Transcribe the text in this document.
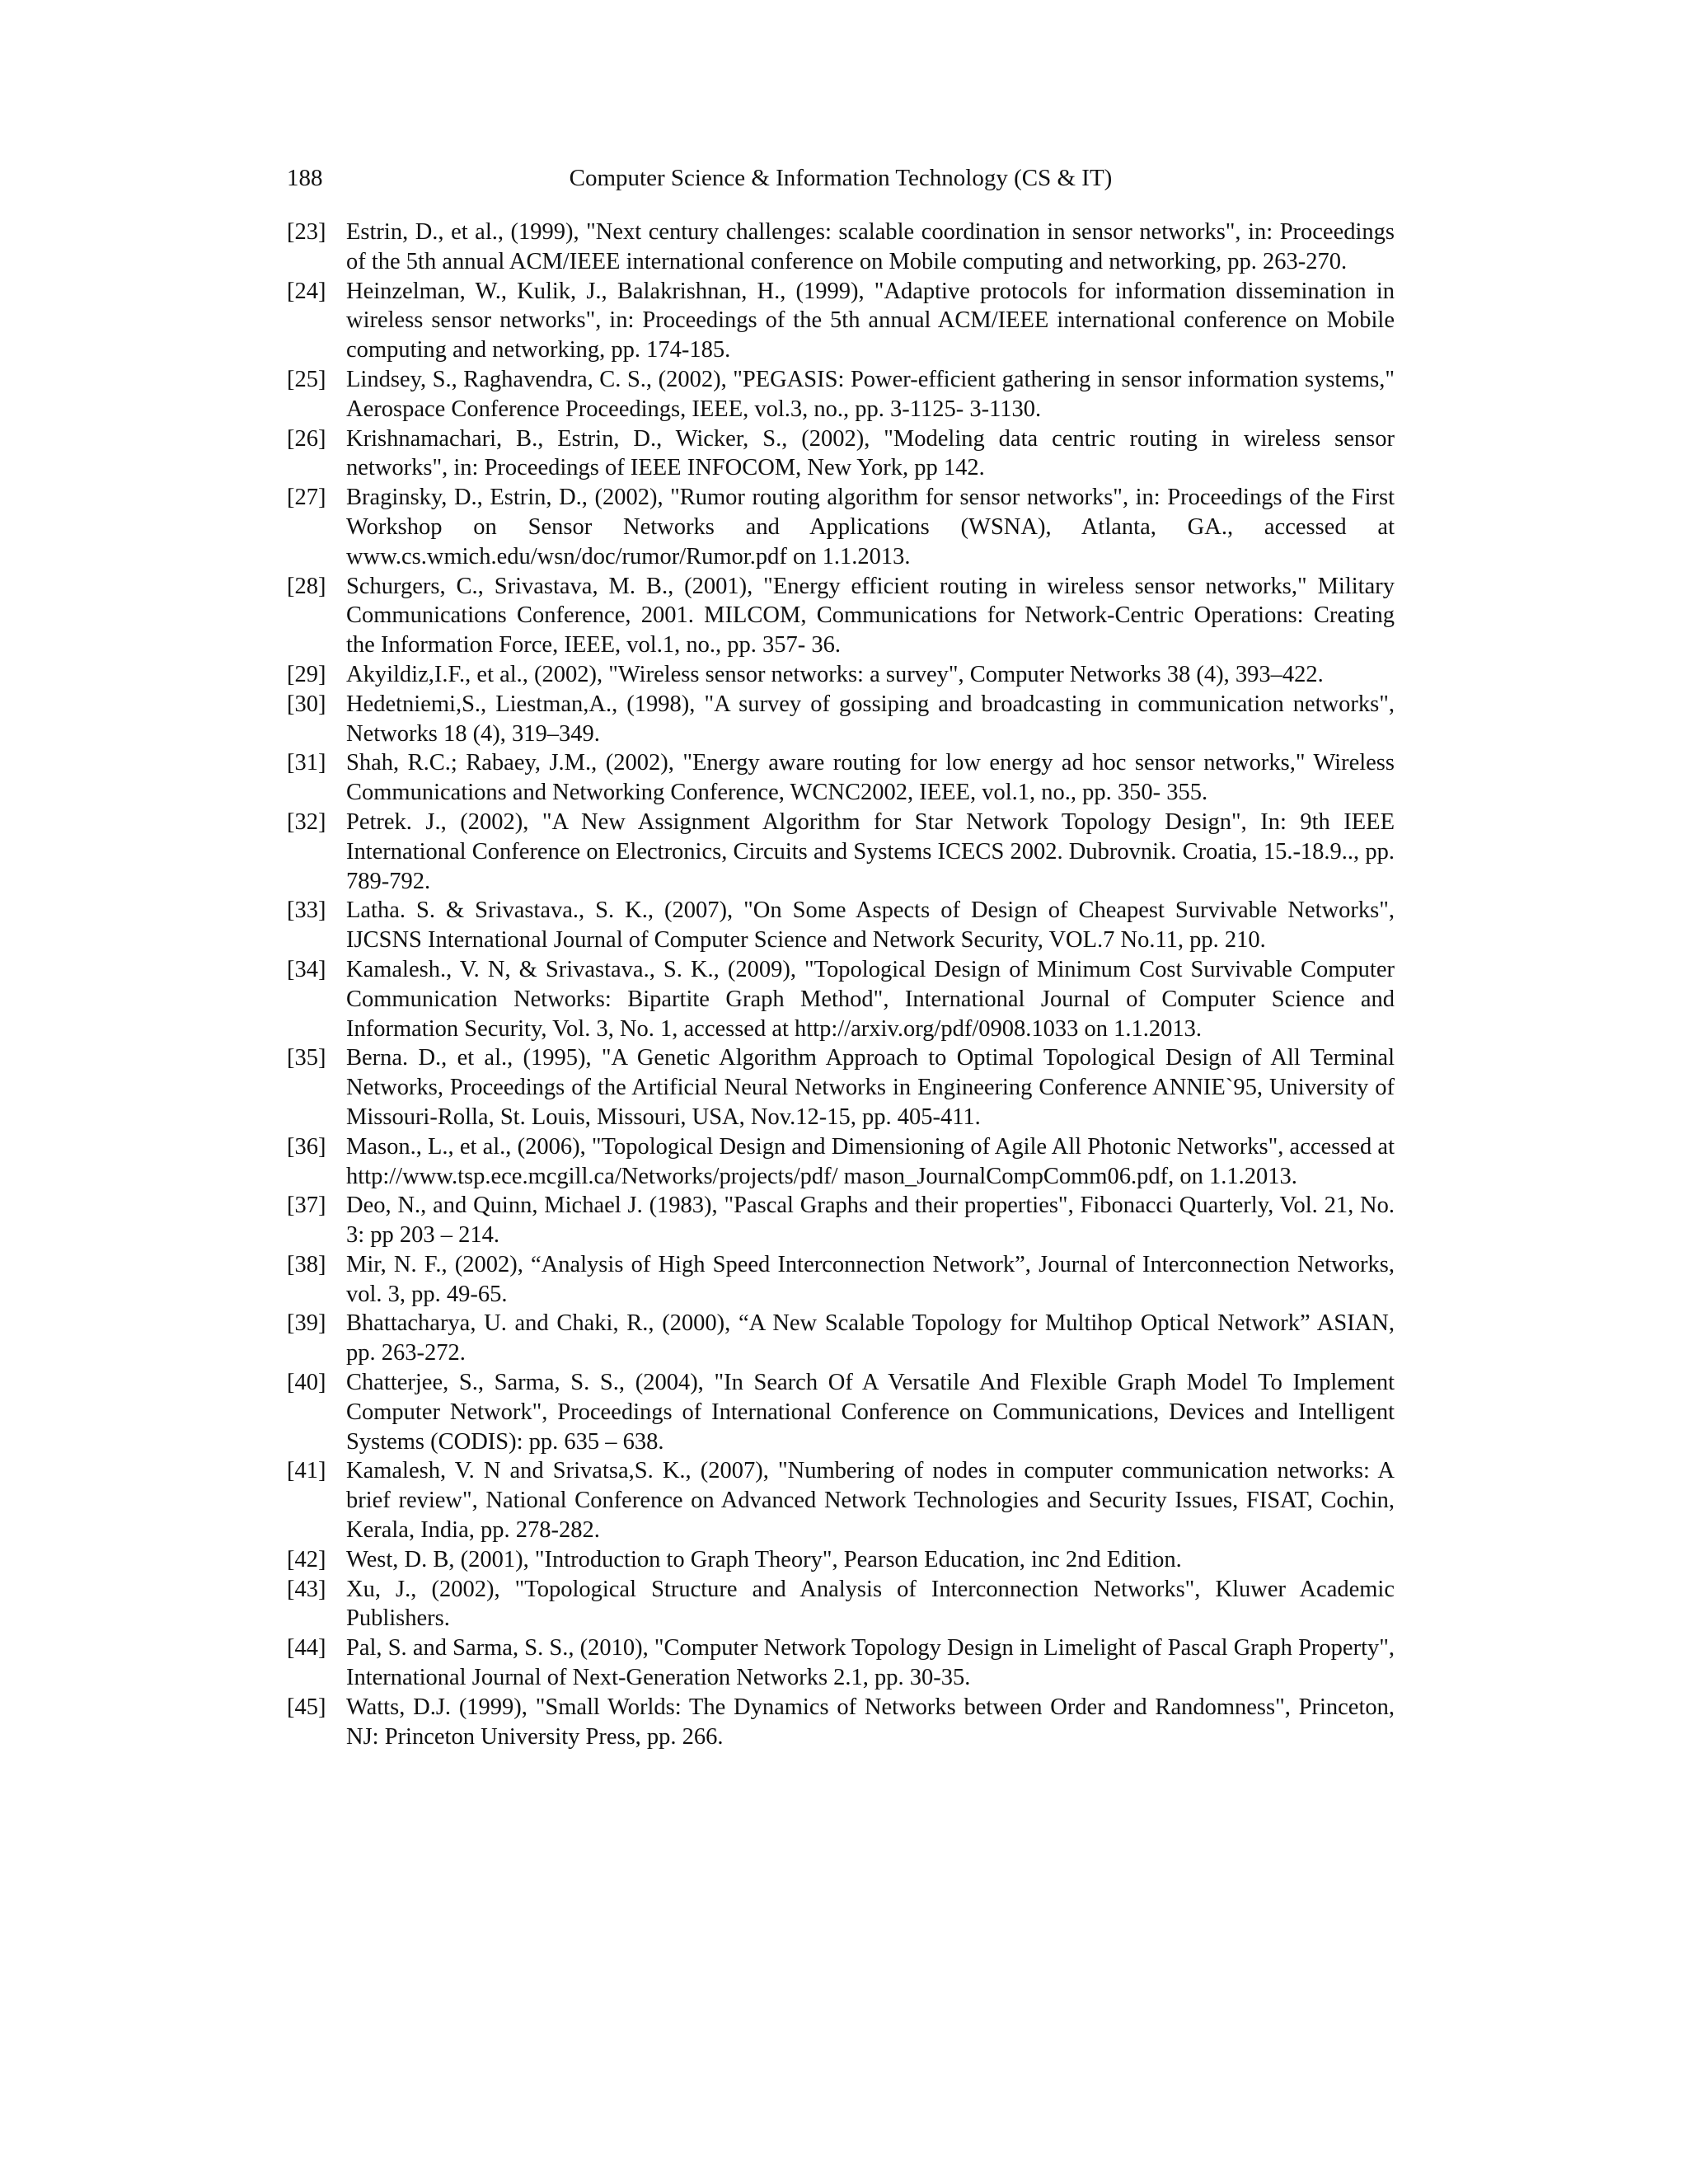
188	Computer Science & Information Technology (CS & IT)
[23] Estrin, D., et al., (1999), "Next century challenges: scalable coordination in sensor networks", in: Proceedings of the 5th annual ACM/IEEE international conference on Mobile computing and networking, pp. 263-270.
[24] Heinzelman, W., Kulik, J., Balakrishnan, H., (1999), "Adaptive protocols for information dissemination in wireless sensor networks", in: Proceedings of the 5th annual ACM/IEEE international conference on Mobile computing and networking, pp. 174-185.
[25] Lindsey, S., Raghavendra, C. S., (2002), "PEGASIS: Power-efficient gathering in sensor information systems," Aerospace Conference Proceedings, IEEE, vol.3, no., pp. 3-1125- 3-1130.
[26] Krishnamachari, B., Estrin, D., Wicker, S., (2002), "Modeling data centric routing in wireless sensor networks", in: Proceedings of IEEE INFOCOM, New York, pp 142.
[27] Braginsky, D., Estrin, D., (2002), "Rumor routing algorithm for sensor networks", in: Proceedings of the First Workshop on Sensor Networks and Applications (WSNA), Atlanta, GA., accessed at www.cs.wmich.edu/wsn/doc/rumor/Rumor.pdf on 1.1.2013.
[28] Schurgers, C., Srivastava, M. B., (2001), "Energy efficient routing in wireless sensor networks," Military Communications Conference, 2001. MILCOM, Communications for Network-Centric Operations: Creating the Information Force, IEEE, vol.1, no., pp. 357- 36.
[29] Akyildiz,I.F., et al., (2002), "Wireless sensor networks: a survey", Computer Networks 38 (4), 393–422.
[30] Hedetniemi,S., Liestman,A., (1998), "A survey of gossiping and broadcasting in communication networks", Networks 18 (4), 319–349.
[31] Shah, R.C.; Rabaey, J.M., (2002), "Energy aware routing for low energy ad hoc sensor networks," Wireless Communications and Networking Conference, WCNC2002, IEEE, vol.1, no., pp. 350- 355.
[32] Petrek. J., (2002), "A New Assignment Algorithm for Star Network Topology Design", In: 9th IEEE International Conference on Electronics, Circuits and Systems ICECS 2002. Dubrovnik. Croatia, 15.-18.9.., pp. 789-792.
[33] Latha. S. & Srivastava., S. K., (2007), "On Some Aspects of Design of Cheapest Survivable Networks", IJCSNS International Journal of Computer Science and Network Security, VOL.7 No.11, pp. 210.
[34] Kamalesh., V. N, & Srivastava., S. K., (2009), "Topological Design of Minimum Cost Survivable Computer Communication Networks: Bipartite Graph Method", International Journal of Computer Science and Information Security, Vol. 3, No. 1, accessed at http://arxiv.org/pdf/0908.1033 on 1.1.2013.
[35] Berna. D., et al., (1995), "A Genetic Algorithm Approach to Optimal Topological Design of All Terminal Networks, Proceedings of the Artificial Neural Networks in Engineering Conference ANNIE`95, University of Missouri-Rolla, St. Louis, Missouri, USA, Nov.12-15, pp. 405-411.
[36] Mason., L., et al., (2006), "Topological Design and Dimensioning of Agile All Photonic Networks", accessed at http://www.tsp.ece.mcgill.ca/Networks/projects/pdf/ mason_JournalCompComm06.pdf, on 1.1.2013.
[37] Deo, N., and Quinn, Michael J. (1983), "Pascal Graphs and their properties", Fibonacci Quarterly, Vol. 21, No. 3: pp 203 – 214.
[38] Mir, N. F., (2002), “Analysis of High Speed Interconnection Network”, Journal of Interconnection Networks, vol. 3, pp. 49-65.
[39] Bhattacharya, U. and Chaki, R., (2000), “A New Scalable Topology for Multihop Optical Network” ASIAN, pp. 263-272.
[40] Chatterjee, S., Sarma, S. S., (2004), "In Search Of A Versatile And Flexible Graph Model To Implement Computer Network", Proceedings of International Conference on Communications, Devices and Intelligent Systems (CODIS): pp. 635 – 638.
[41] Kamalesh, V. N and Srivatsa,S. K., (2007), "Numbering of nodes in computer communication networks: A brief review", National Conference on Advanced Network Technologies and Security Issues, FISAT, Cochin, Kerala, India, pp. 278-282.
[42] West, D. B, (2001), "Introduction to Graph Theory", Pearson Education, inc 2nd Edition.
[43] Xu, J., (2002), "Topological Structure and Analysis of Interconnection Networks", Kluwer Academic Publishers.
[44] Pal, S. and Sarma, S. S., (2010), "Computer Network Topology Design in Limelight of Pascal Graph Property", International Journal of Next-Generation Networks 2.1, pp. 30-35.
[45] Watts, D.J. (1999), "Small Worlds: The Dynamics of Networks between Order and Randomness", Princeton, NJ: Princeton University Press, pp. 266.
